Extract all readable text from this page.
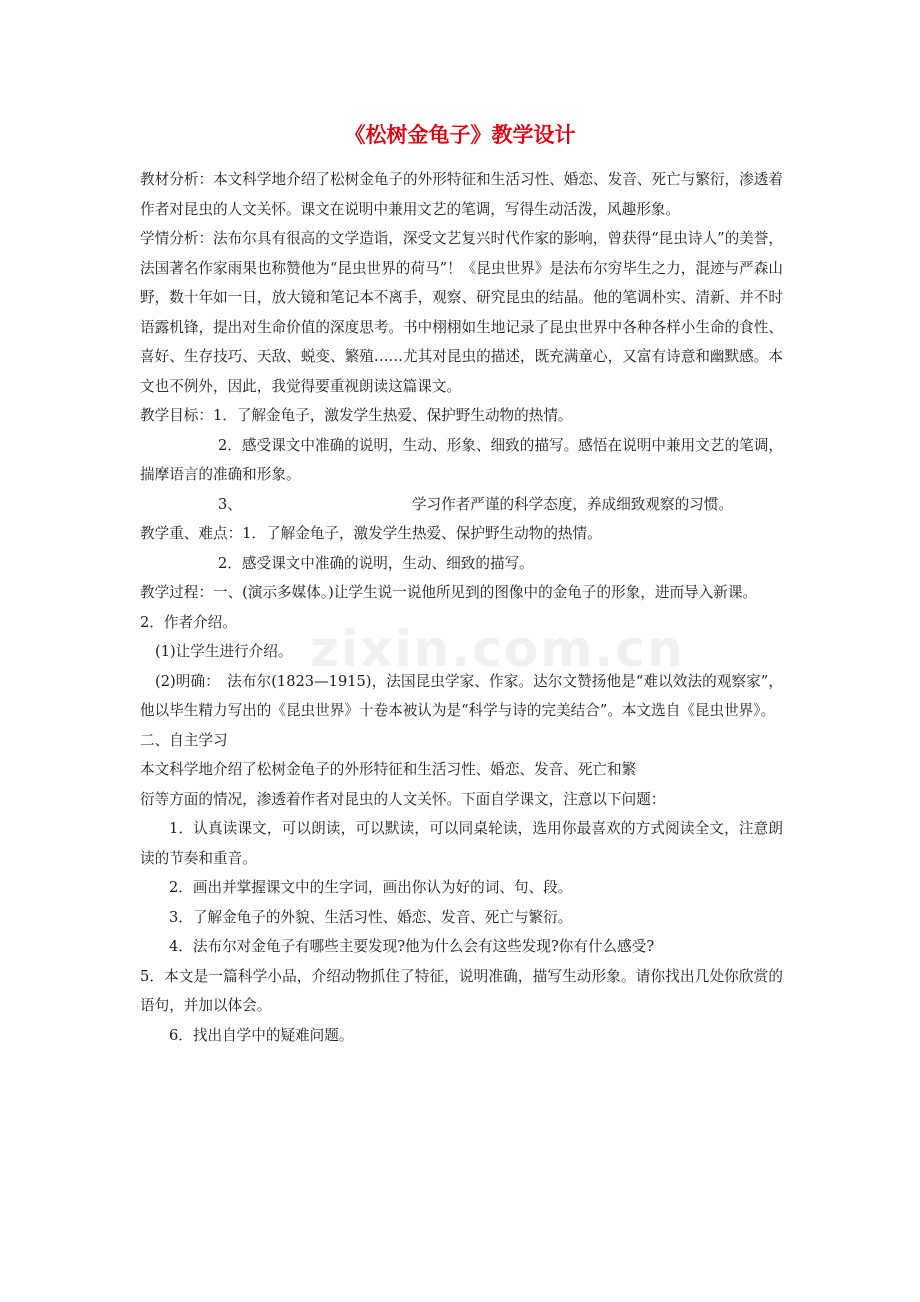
《松树金龟子》教学设计

教材分析：本文科学地介绍了松树金龟子的外形特征和生活习性、婚恋、发音、死亡与繁衍，渗透着作者对昆虫的人文关怀。课文在说明中兼用文艺的笔调，写得生动活泼，风趣形象。

学情分析：法布尔具有很高的文学造诣，深受文艺复兴时代作家的影响，曾获得“昆虫诗人”的美誉，法国著名作家雨果也称赞他为“昆虫世界的荷马”！《昆虫世界》是法布尔穷毕生之力，混迹与严森山野，数十年如一日，放大镜和笔记本不离手，观察、研究昆虫的结晶。他的笔调朴实、清新、并不时语露机锋，提出对生命价值的深度思考。书中栩栩如生地记录了昆虫世界中各种各样小生命的食性、喜好、生存技巧、天敌、蜕变、繁殖……尤其对昆虫的描述，既充满童心，又富有诗意和幽默感。本文也不例外，因此，我觉得要重视朗读这篇课文。

教学目标：1．了解金龟子，激发学生热爱、保护野生动物的热情。

2．感受课文中准确的说明，生动、形象、细致的描写。感悟在说明中兼用文艺的笔调，揣摩语言的准确和形象。

3、	学习作者严谨的科学态度，养成细致观察的习惯。

教学重、难点：1．了解金龟子，激发学生热爱、保护野生动物的热情。

2．感受课文中准确的说明，生动、细致的描写。

教学过程：一、(演示多媒体。)让学生说一说他所见到的图像中的金龟子的形象，进而导入新课。

2．作者介绍。

(1)让学生进行介绍。

(2)明确：　法布尔(1823—1915)，法国昆虫学家、作家。达尔文赞扬他是“难以效法的观察家”，他以毕生精力写出的《昆虫世界》十卷本被认为是“科学与诗的完美结合”。本文选自《昆虫世界》。

二、自主学习

本文科学地介绍了松树金龟子的外形特征和生活习性、婚恋、发音、死亡和繁

衍等方面的情况，渗透着作者对昆虫的人文关怀。下面自学课文，注意以下问题：

1．认真读课文，可以朗读，可以默读，可以同桌轮读，选用你最喜欢的方式阅读全文，注意朗读的节奏和重音。

2．画出并掌握课文中的生字词，画出你认为好的词、句、段。

3．了解金龟子的外貌、生活习性、婚恋、发音、死亡与繁衍。

4．法布尔对金龟子有哪些主要发现?他为什么会有这些发现?你有什么感受?

5．本文是一篇科学小品，介绍动物抓住了特征，说明准确，描写生动形象。请你找出几处你欣赏的语句，并加以体会。

6．找出自学中的疑难问题。

zixin.com.cn
